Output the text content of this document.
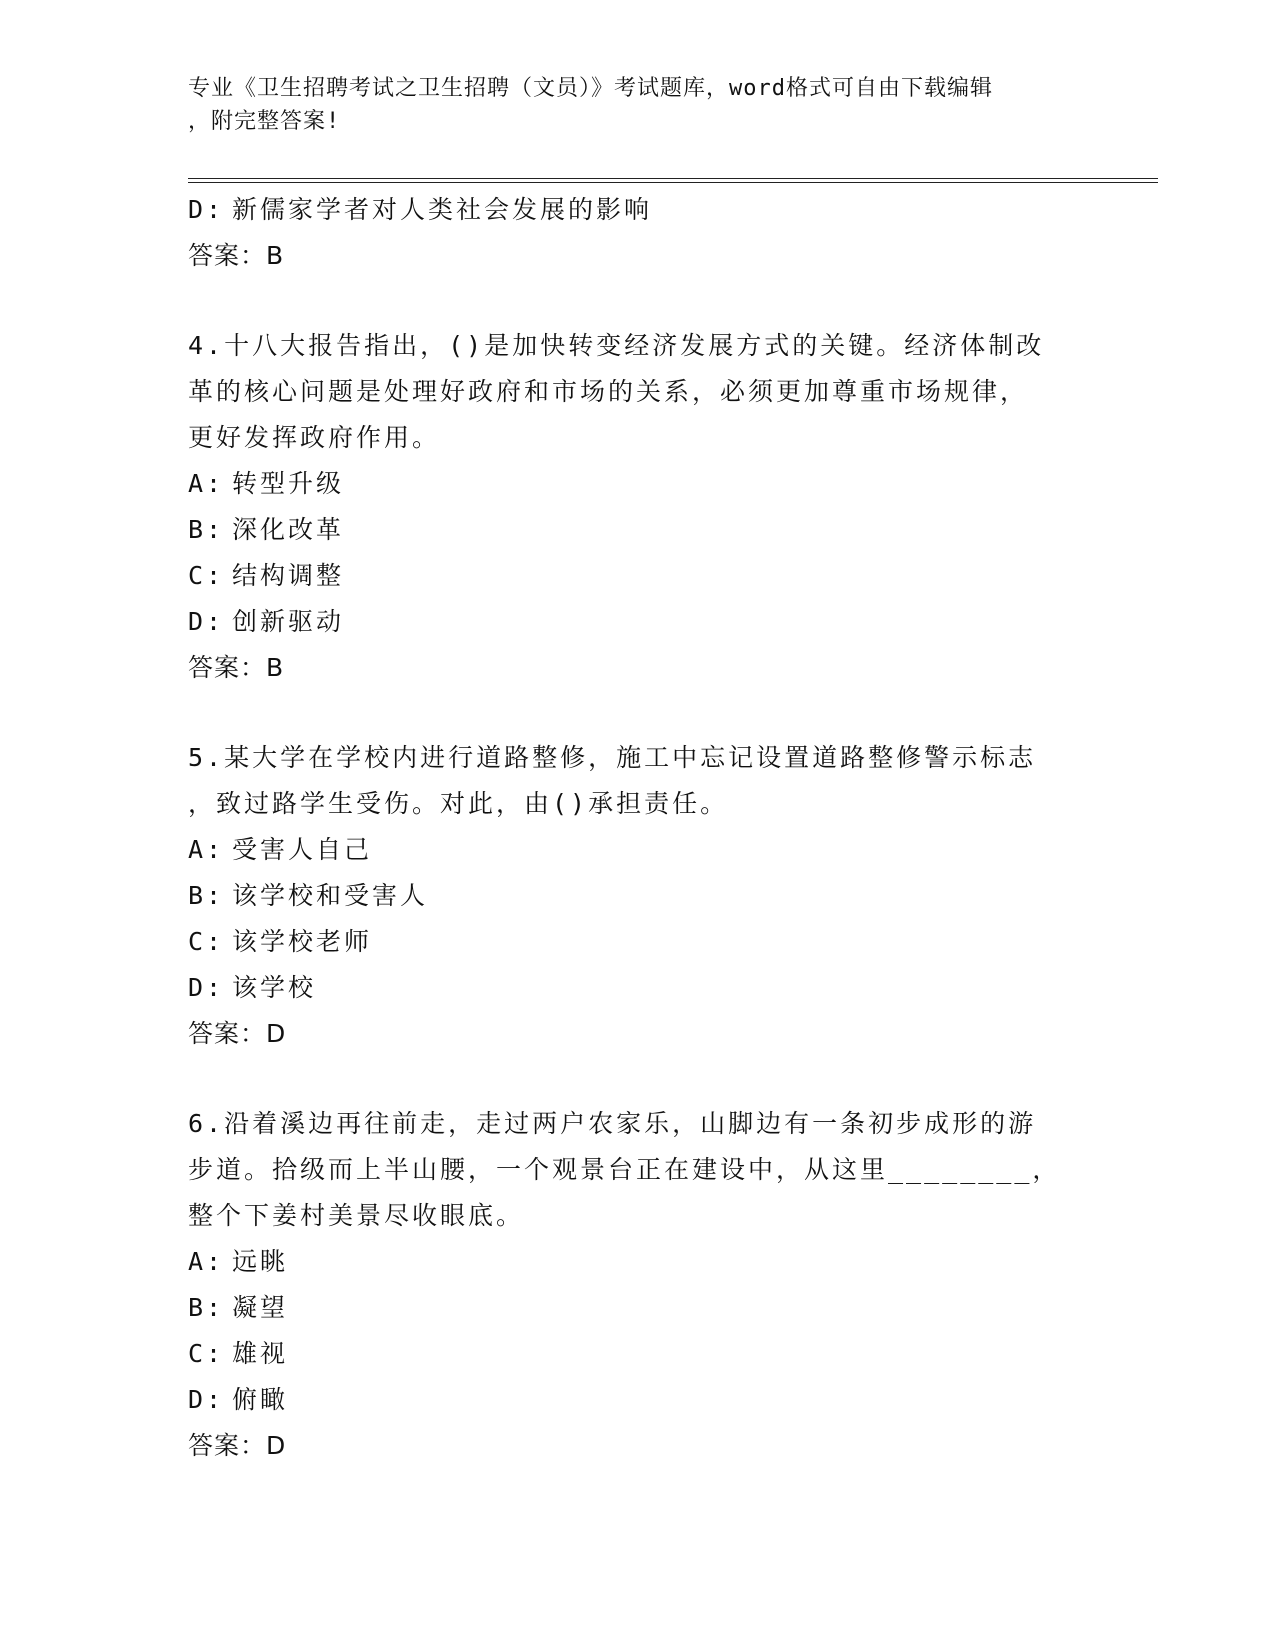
专业《卫生招聘考试之卫生招聘（文员）》考试题库，word格式可自由下载编辑
，附完整答案!
D: 新儒家学者对人类社会发展的影响
答案：B
4.十八大报告指出，()是加快转变经济发展方式的关键。经济体制改
革的核心问题是处理好政府和市场的关系，必须更加尊重市场规律，
更好发挥政府作用。
A: 转型升级
B: 深化改革
C: 结构调整
D: 创新驱动
答案：B
5.某大学在学校内进行道路整修，施工中忘记设置道路整修警示标志
，致过路学生受伤。对此，由()承担责任。
A: 受害人自己
B: 该学校和受害人
C: 该学校老师
D: 该学校
答案：D
6.沿着溪边再往前走，走过两户农家乐，山脚边有一条初步成形的游
步道。拾级而上半山腰，一个观景台正在建设中，从这里________，
整个下姜村美景尽收眼底。
A: 远眺
B: 凝望
C: 雄视
D: 俯瞰
答案：D
